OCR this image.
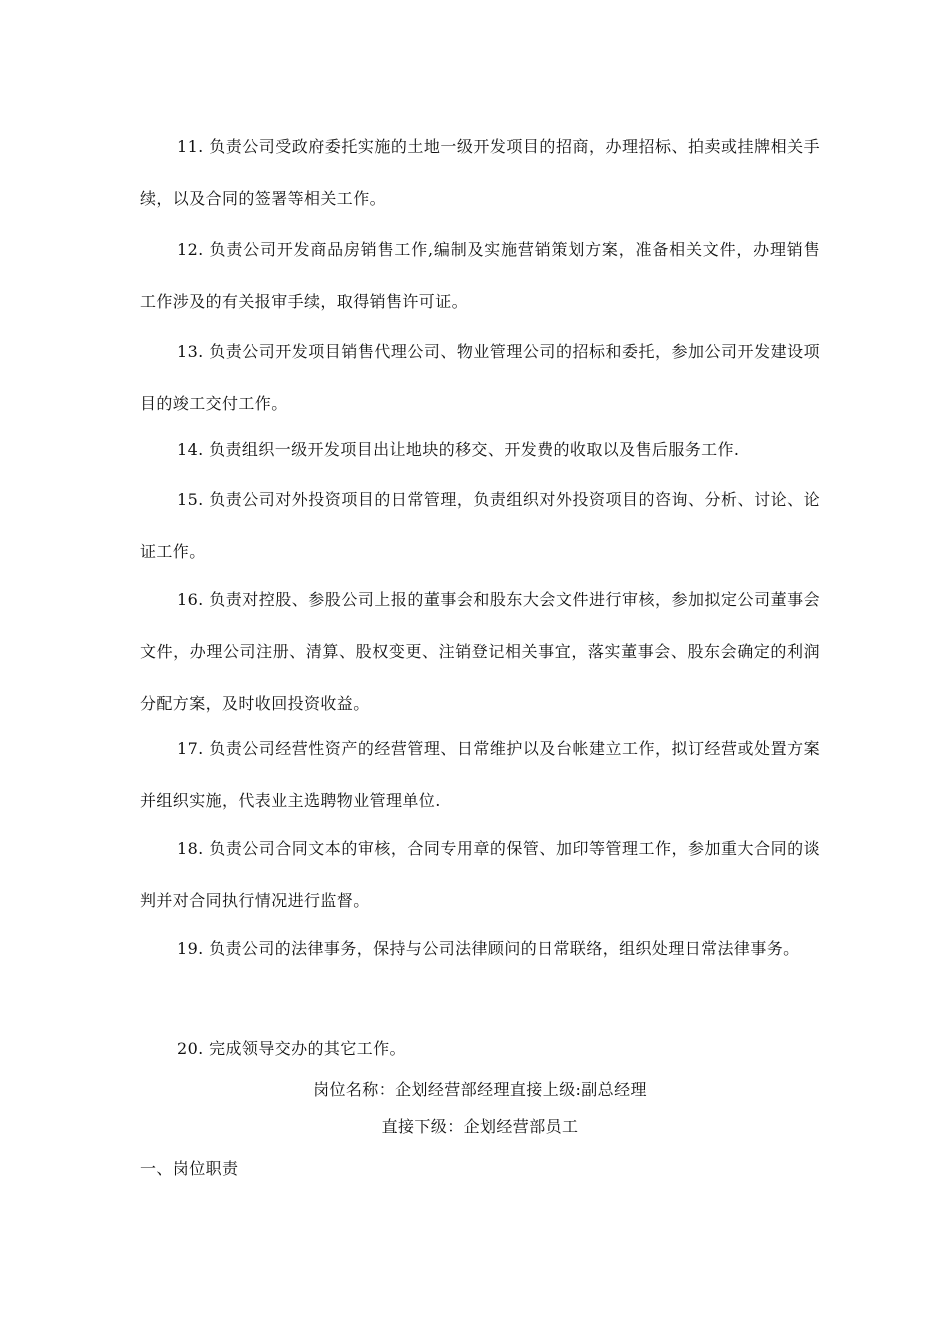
11. 负责公司受政府委托实施的土地一级开发项目的招商，办理招标、拍卖或挂牌相关手续，以及合同的签署等相关工作。

12. 负责公司开发商品房销售工作,编制及实施营销策划方案，准备相关文件，办理销售工作涉及的有关报审手续，取得销售许可证。

13. 负责公司开发项目销售代理公司、物业管理公司的招标和委托，参加公司开发建设项目的竣工交付工作。

14. 负责组织一级开发项目出让地块的移交、开发费的收取以及售后服务工作.

15. 负责公司对外投资项目的日常管理，负责组织对外投资项目的咨询、分析、讨论、论证工作。

16. 负责对控股、参股公司上报的董事会和股东大会文件进行审核，参加拟定公司董事会文件，办理公司注册、清算、股权变更、注销登记相关事宜，落实董事会、股东会确定的利润分配方案，及时收回投资收益。

17. 负责公司经营性资产的经营管理、日常维护以及台帐建立工作，拟订经营或处置方案并组织实施，代表业主选聘物业管理单位.

18. 负责公司合同文本的审核，合同专用章的保管、加印等管理工作，参加重大合同的谈判并对合同执行情况进行监督。

19. 负责公司的法律事务，保持与公司法律顾问的日常联络，组织处理日常法律事务。

20. 完成领导交办的其它工作。

岗位名称：企划经营部经理直接上级:副总经理

直接下级：企划经营部员工

一、岗位职责
